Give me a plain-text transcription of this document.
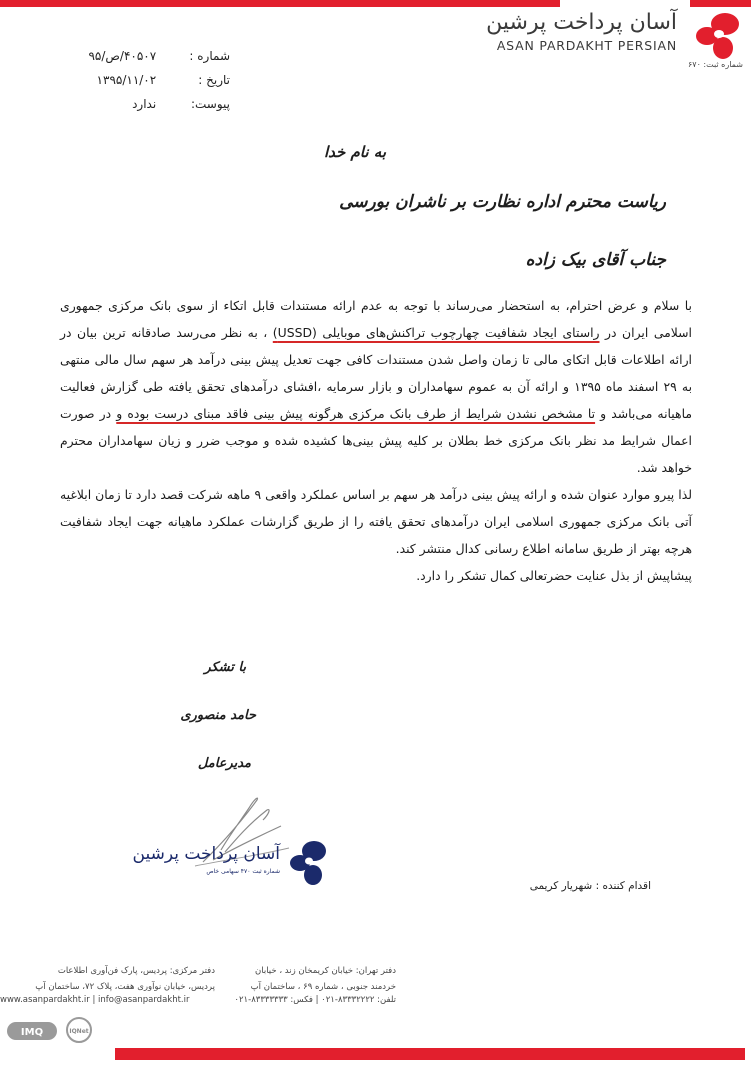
آسان پرداخت پرشین
ASAN PARDAKHT PERSIAN
شماره ثبت: ۶۷۰
شماره :
۴۰۵۰۷/ص/۹۵
تاریخ :
۱۳۹۵/۱۱/۰۲
پیوست:
ندارد
به نام خدا
ریاست محترم اداره نظارت بر ناشران بورسی
جناب آقای بیک زاده

با سلام و عرض احترام، به استحضار می‌رساند با توجه به عدم ارائه مستندات قابل اتکاء از سوی بانک مرکزی جمهوری اسلامی ایران در راستای ایجاد شفافیت چهارچوب تراکنش‌های موبایلی (USSD) ، به نظر می‌رسد صادقانه ترین بیان در ارائه اطلاعات قابل اتکای مالی تا زمان واصل شدن مستندات کافی جهت تعدیل پیش بینی درآمد هر سهم سال مالی منتهی به ۲۹ اسفند ماه ۱۳۹۵ و ارائه آن به عموم سهامداران و بازار سرمایه ،افشای درآمدهای تحقق یافته طی گزارش فعالیت ماهیانه می‌باشد و تا مشخص نشدن شرایط از طرف بانک مرکزی هرگونه پیش بینی فاقد مبنای درست بوده و در صورت اعمال شرایط مد نظر بانک مرکزی خط بطلان بر کلیه پیش بینی‌ها کشیده شده و موجب ضرر و زیان سهامداران محترم خواهد شد.

لذا پیرو موارد عنوان شده و ارائه پیش بینی درآمد هر سهم بر اساس عملکرد واقعی ۹ ماهه شرکت قصد دارد تا زمان ابلاغیه آتی بانک مرکزی جمهوری اسلامی ایران درآمدهای تحقق یافته را از طریق گزارشات عملکرد ماهیانه جهت ایجاد شفافیت هرچه بهتر از طریق سامانه اطلاع رسانی کدال منتشر کند.

پیشاپیش از بذل عنایت حضرتعالی کمال تشکر را دارد.

با تشکر
حامد منصوری
مدیرعامل
آسان پرداخت پرشین
شماره ثبت ۴۷۰ سهامی خاص
اقدام کننده : شهریار کریمی
دفتر تهران: خیابان کریمخان زند ، خیابان
خردمند جنوبی ، شماره ۶۹ ، ساختمان آپ
دفتر مرکزی: پردیس، پارک فن‌آوری اطلاعات
پردیس، خیابان نوآوری هفت، پلاک ۷۲، ساختمان آپ
www.asanpardakht.ir | info@asanpardakht.ir	تلفن: ۸۳۳۳۲۲۲۲-۰۲۱ | فکس: ۸۳۳۳۳۳۳۳-۰۲۱
IMQ	IQNet
